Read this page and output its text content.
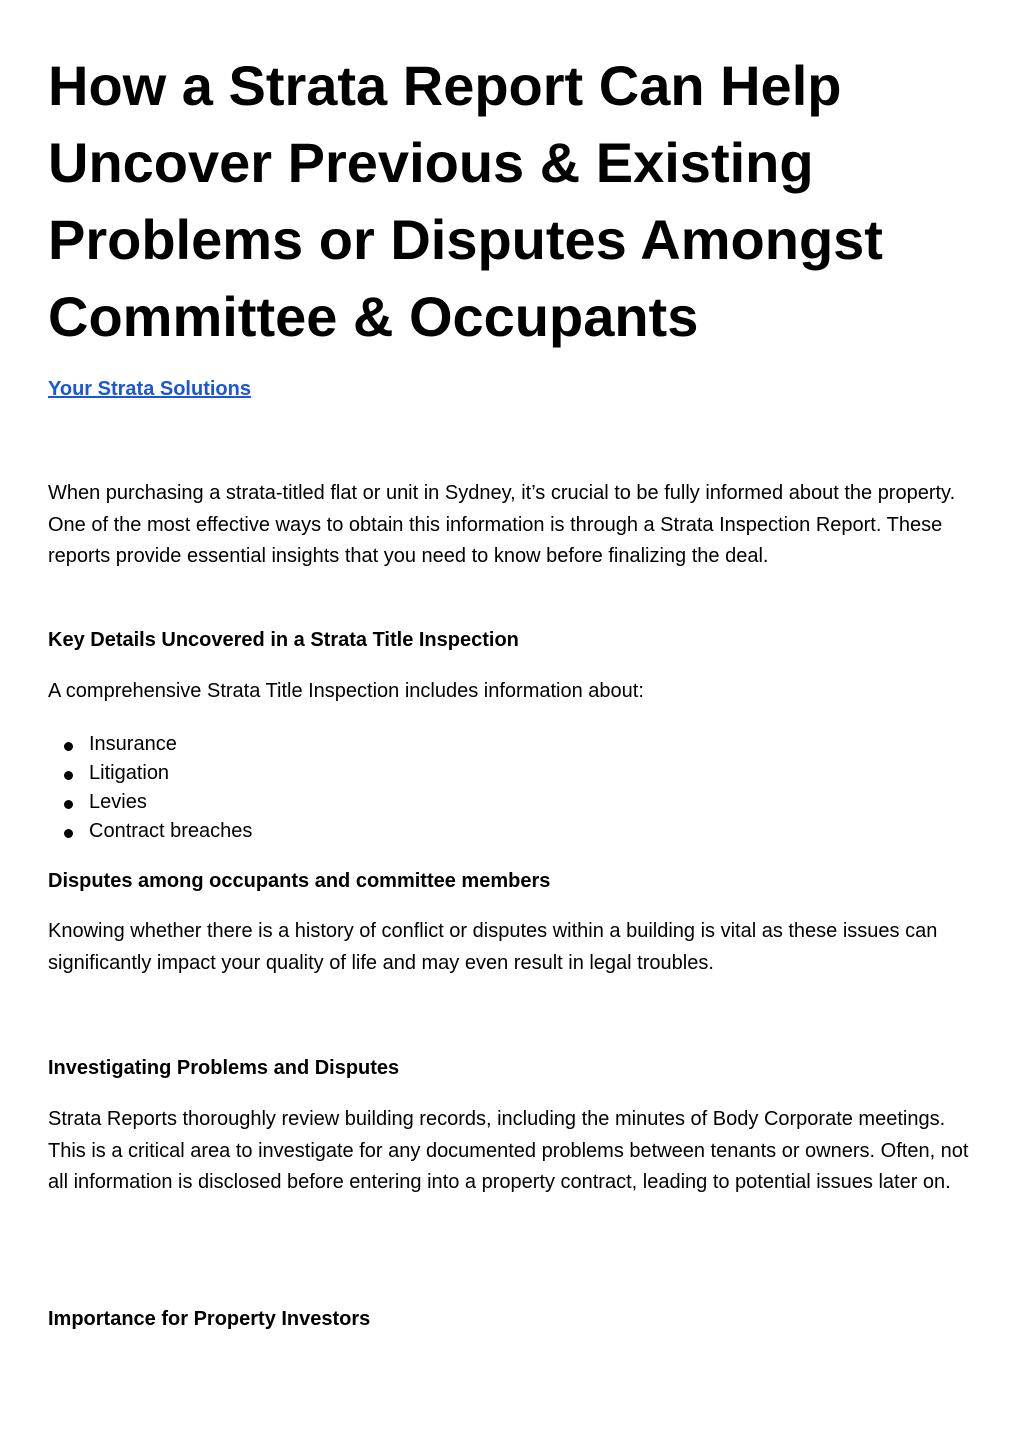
How a Strata Report Can Help Uncover Previous & Existing Problems or Disputes Amongst Committee & Occupants
Your Strata Solutions

When purchasing a strata-titled flat or unit in Sydney, it’s crucial to be fully informed about the property. One of the most effective ways to obtain this information is through a Strata Inspection Report. These reports provide essential insights that you need to know before finalizing the deal.

Key Details Uncovered in a Strata Title Inspection

A comprehensive Strata Title Inspection includes information about:

Insurance
Litigation
Levies
Contract breaches
Disputes among occupants and committee members

Knowing whether there is a history of conflict or disputes within a building is vital as these issues can significantly impact your quality of life and may even result in legal troubles.

Investigating Problems and Disputes

Strata Reports thoroughly review building records, including the minutes of Body Corporate meetings. This is a critical area to investigate for any documented problems between tenants or owners. Often, not all information is disclosed before entering into a property contract, leading to potential issues later on.

Importance for Property Investors
